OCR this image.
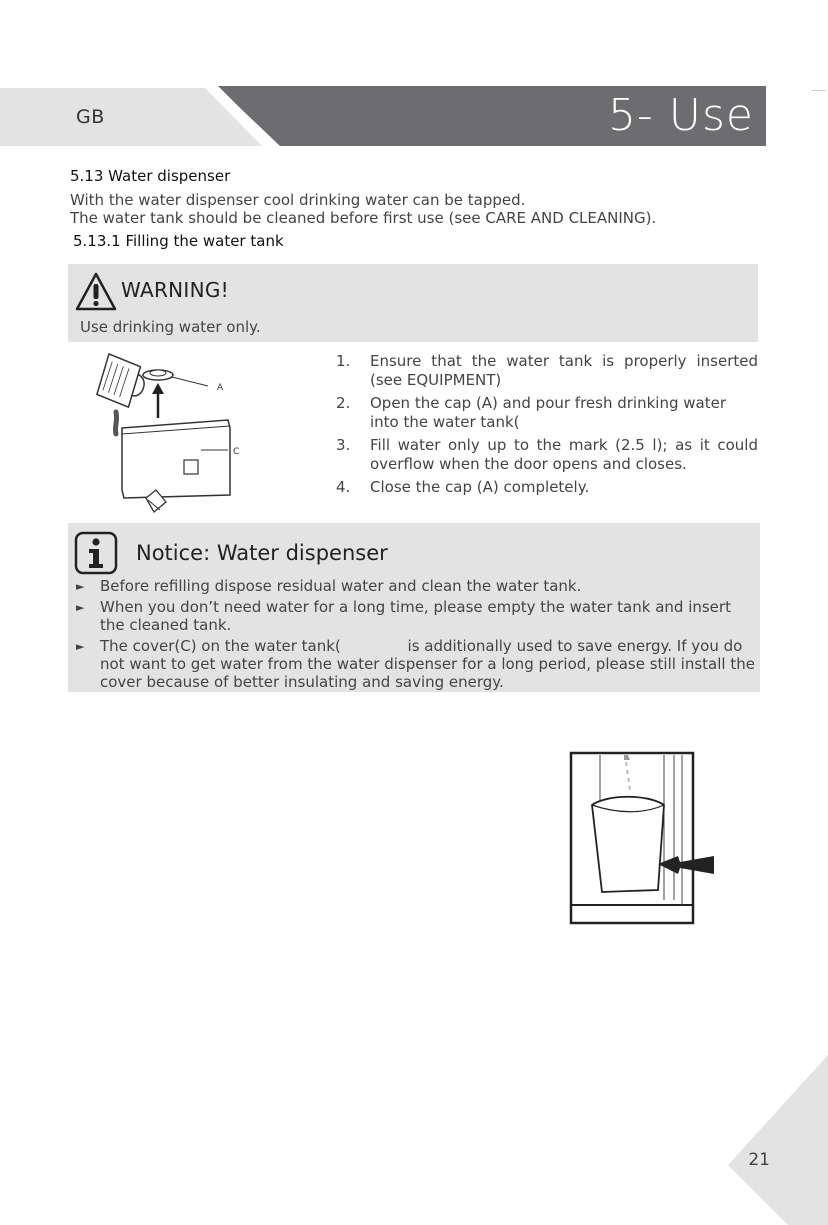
GB	5- Use
5.13 Water dispenser
With the water dispenser cool drinking water can be tapped.
The water tank should be cleaned before first use (see CARE AND CLEANING).
5.13.1 Filling the water tank
WARNING!
Use drinking water only.
A
C
1. Ensure that the water tank is properly inserted (see EQUIPMENT)
2. Open the cap (A) and pour fresh drinking water
into the water tank(
3. Fill water only up to the mark (2.5 l); as it could overflow when the door opens and closes.
4. Close the cap (A) completely.
Notice: Water dispenser
► Before refilling dispose residual water and clean the water tank.
► When you don’t need water for a long time, please empty the water tank and insert the cleaned tank.
► The cover(C) on the water tank(              is additionally used to save energy. If you do not want to get water from the water dispenser for a long period, please still install the cover because of better insulating and saving energy.
21
